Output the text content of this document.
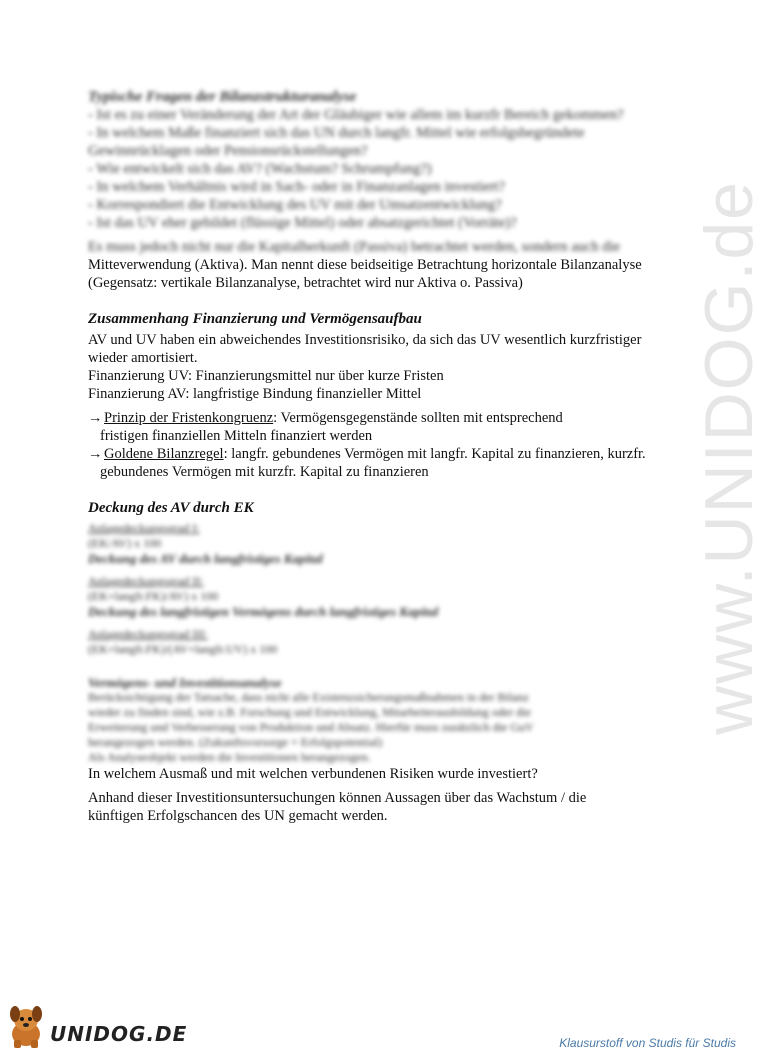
www.UNIDOG.de
Typische Fragen der Bilanzstrukturanalyse
- Ist es zu einer Veränderung der Art der Gläubiger wie allem im kurzfr Bereich gekommen?
- In welchem Maße finanziert sich das UN durch langfr. Mittel wie erfolgsbegründete
Gewinnrücklagen oder Pensionsrückstellungen?
- Wie entwickelt sich das AV? (Wachstum? Schrumpfung?)
- In welchem Verhältnis wird in Sach- oder in Finanzanlagen investiert?
- Korrespondiert die Entwicklung des UV mit der Umsatzentwicklung?
- Ist das UV eher gebildet (flüssige Mittel) oder absatzgerichtet (Vorräte)?
Es muss jedoch nicht nur die Kapitalherkunft (Passiva) betrachtet werden, sondern auch die
Mitteverwendung (Aktiva). Man nennt diese beidseitige Betrachtung horizontale Bilanzanalyse
(Gegensatz: vertikale Bilanzanalyse, betrachtet wird nur Aktiva o. Passiva)
Zusammenhang Finanzierung und Vermögensaufbau
AV und UV haben ein abweichendes Investitionsrisiko, da sich das UV wesentlich kurzfristiger
wieder amortisiert.
Finanzierung UV: Finanzierungsmittel nur über kurze Fristen
Finanzierung AV: langfristige Bindung finanzieller Mittel
→ Prinzip der Fristenkongruenz: Vermögensgegenstände sollten mit entsprechend
fristigen finanziellen Mitteln finanziert werden
→ Goldene Bilanzregel: langfr. gebundenes Vermögen mit langfr. Kapital zu finanzieren, kurzfr.
gebundenes Vermögen mit kurzfr. Kapital zu finanzieren
Deckung des AV durch EK
Anlagedeckungsgrad I:
(EK/AV) x 100
Deckung des AV durch langfristiges Kapital
Anlagedeckungsgrad II:
(EK+langfr.FK)/AV) x 100
Deckung des langfristigen Vermögens durch langfristiges Kapital
Anlagedeckungsgrad III:
(EK+langfr.FK)/(AV+langfr.UV) x 100
Vermögens- und Investitionsanalyse
Berücksichtigung der Tatsache, dass nicht alle Existenzsicherungsmaßnahmen in der Bilanz
wieder zu finden sind, wie z.B. Forschung und Entwicklung, Mitarbeiterausbildung oder die
Erweiterung und Verbesserung von Produktion und Absatz. Hierfür muss zusätzlich die GuV
herangezogen werden. (Zukunftsvorsorge = Erfolgspotential)
Als Analyseobjekt werden die Investitionen herangezogen.
In welchem Ausmaß und mit welchen verbundenen Risiken wurde investiert?
Anhand dieser Investitionsuntersuchungen können Aussagen über das Wachstum / die
künftigen Erfolgschancen des UN gemacht werden.
UNIDOG.DE	Klausurstoff von Studis für Studis
